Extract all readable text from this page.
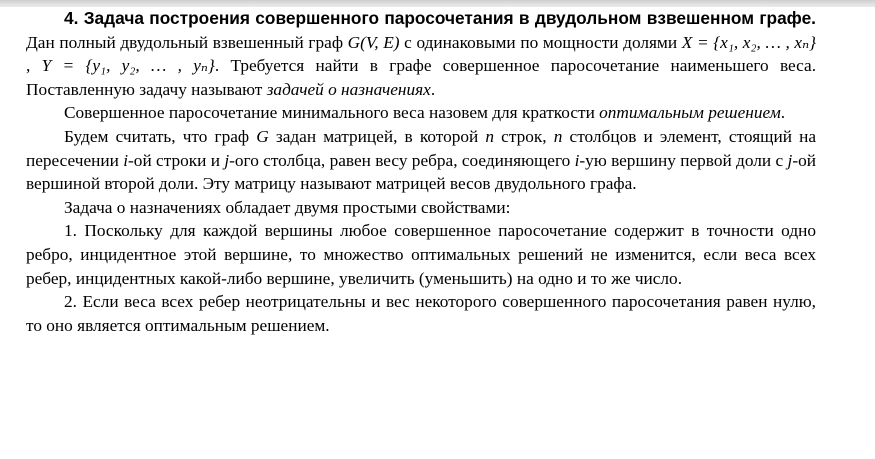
4. Задача построения совершенного паросочетания в двудольном взвешенном графе. Дан полный двудольный взвешенный граф G(V, E) с одинаковыми по мощности долями X = {x₁, x₂, … , xₙ} , Y = {y₁, y₂, … , yₙ}. Требуется найти в графе совершенное паросочетание наименьшего веса. Поставленную задачу называют задачей о назначениях.

Совершенное паросочетание минимального веса назовем для краткости оптимальным решением.

Будем считать, что граф G задан матрицей, в которой n строк, n столбцов и элемент, стоящий на пересечении i-ой строки и j-ого столбца, равен весу ребра, соединяющего i-ую вершину первой доли с j-ой вершиной второй доли. Эту матрицу называют матрицей весов двудольного графа.

Задача о назначениях обладает двумя простыми свойствами:

1. Поскольку для каждой вершины любое совершенное паросочетание содержит в точности одно ребро, инцидентное этой вершине, то множество оптимальных решений не изменится, если веса всех ребер, инцидентных какой-либо вершине, увеличить (уменьшить) на одно и то же число.

2. Если веса всех ребер неотрицательны и вес некоторого совершенного паросочетания равен нулю, то оно является оптимальным решением.
